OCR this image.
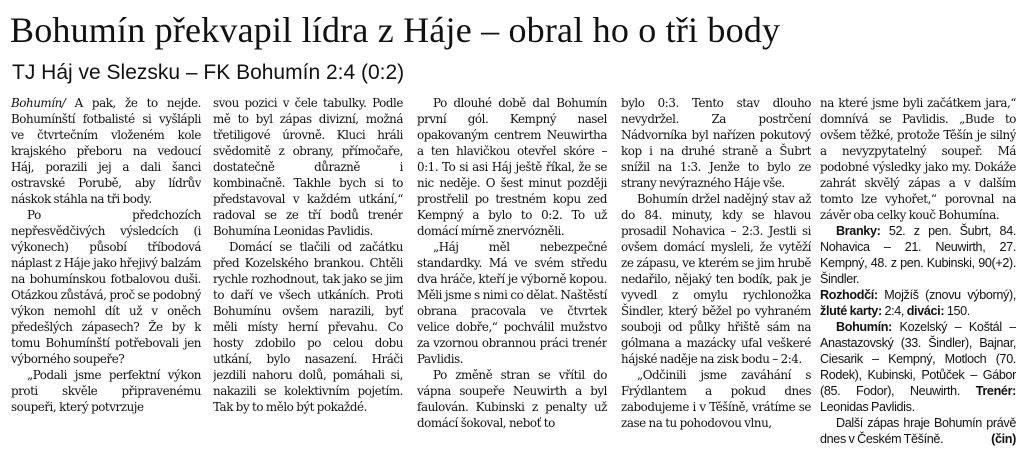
Bohumín překvapil lídra z Háje – obral ho o tři body
TJ Háj ve Slezsku – FK Bohumín 2:4 (0:2)

Bohumín/ A pak, že to nejde. Bohumínští fotbalisté si vyšlápli ve čtvrtečním vloženém kole krajského přeboru na vedoucí Háj, porazili jej a dali šanci ostravské Porubě, aby lídrův náskok stáhla na tři body.

Po předchozích nepřesvědčivých výsledcích (i výkonech) působí tříbodová náplast z Háje jako hřejivý balzám na bohumínskou fotbalovou duši. Otázkou zůstává, proč se podobný výkon nemohl dít už v oněch předešlých zápasech? Že by k tomu Bohumínští potřebovali jen výborného soupeře?

„Podali jsme perfektní výkon proti skvěle připravenému soupeři, který potvrzuje

svou pozici v čele tabulky. Podle mě to byl zápas divizní, možná třetiligové úrovně. Kluci hráli svědomitě z obrany, přímočaře, dostatečně důrazně i kombinačně. Takhle bych si to představoval v každém utkání,“ radoval se ze tří bodů trenér Bohumína Leonidas Pavlidis.

Domácí se tlačili od začátku před Kozelského brankou. Chtěli rychle rozhodnout, tak jako se jim to daří ve všech utkáních. Proti Bohumínu ovšem narazili, byť měli místy herní převahu. Co hosty zdobilo po celou dobu utkání, bylo nasazení. Hráči jezdili nahoru dolů, pomáhali si, nakazili se kolektivním pojetím. Tak by to mělo být pokaždé.

Po dlouhé době dal Bohumín první gól. Kempný nasel opakovaným centrem Neuwirtha a ten hlavičkou otevřel skóre – 0:1. To si asi Háj ještě říkal, že se nic neděje. O šest minut později prostřelil po trestném kopu zeď Kempný a bylo to 0:2. To už domácí mírně znervózněli.

„Háj měl nebezpečné standardky. Má ve svém středu dva hráče, kteří je výborně kopou. Měli jsme s nimi co dělat. Naštěstí obrana pracovala ve čtvrtek velice dobře,“ pochválil mužstvo za vzornou obrannou práci trenér Pavlidis.

Po změně stran se vřítil do vápna soupeře Neuwirth a byl faulován. Kubinski z penalty už domácí šokoval, neboť to

bylo 0:3. Tento stav dlouho nevydržel. Za postrčení Nádvorníka byl nařízen pokutový kop i na druhé straně a Šubrt snížil na 1:3. Jenže to bylo ze strany nevýrazného Háje vše.

Bohumín držel nadějný stav až do 84. minuty, kdy se hlavou prosadil Nohavica – 2:3. Jestli si ovšem domácí mysleli, že vytěží ze zápasu, ve kterém se jim hrubě nedařilo, nějaký ten bodík, pak je vyvedl z omylu rychlonožka Šindler, který běžel po vyhraném souboji od půlky hřiště sám na gólmana a mazácky ufal veškeré hájské naděje na zisk bodu – 2:4.

„Odčinili jsme zaváhání s Frýdlantem a pokud dnes zabodujeme i v Těšíně, vrátíme se zase na tu pohodovou vlnu,

na které jsme byli začátkem jara,“ domnívá se Pavlidis. „Bude to ovšem těžké, protože Těšín je silný a nevyzpytatelný soupeř. Má podobné výsledky jako my. Dokáže zahrát skvělý zápas a v dalším tomto lze vyhořet,“ porovnal na závěr oba celky kouč Bohumína.

Branky: 52. z pen. Šubrt, 84. Nohavica – 21. Neuwirth, 27. Kempný, 48. z pen. Kubinski, 90(+2). Šindler.

Rozhodčí: Mojžíš (znovu výborný), žluté karty: 2:4, diváci: 150.

Bohumín: Kozelský – Koštál – Anastazovský (33. Šindler), Bajnar, Ciesarik – Kempný, Motloch (70. Rodek), Kubinski, Potůček – Gábor (85. Fodor), Neuwirth. Trenér: Leonidas Pavlidis.

Další zápas hraje Bohumín právě dnes v Českém Těšíně.	(čin)
